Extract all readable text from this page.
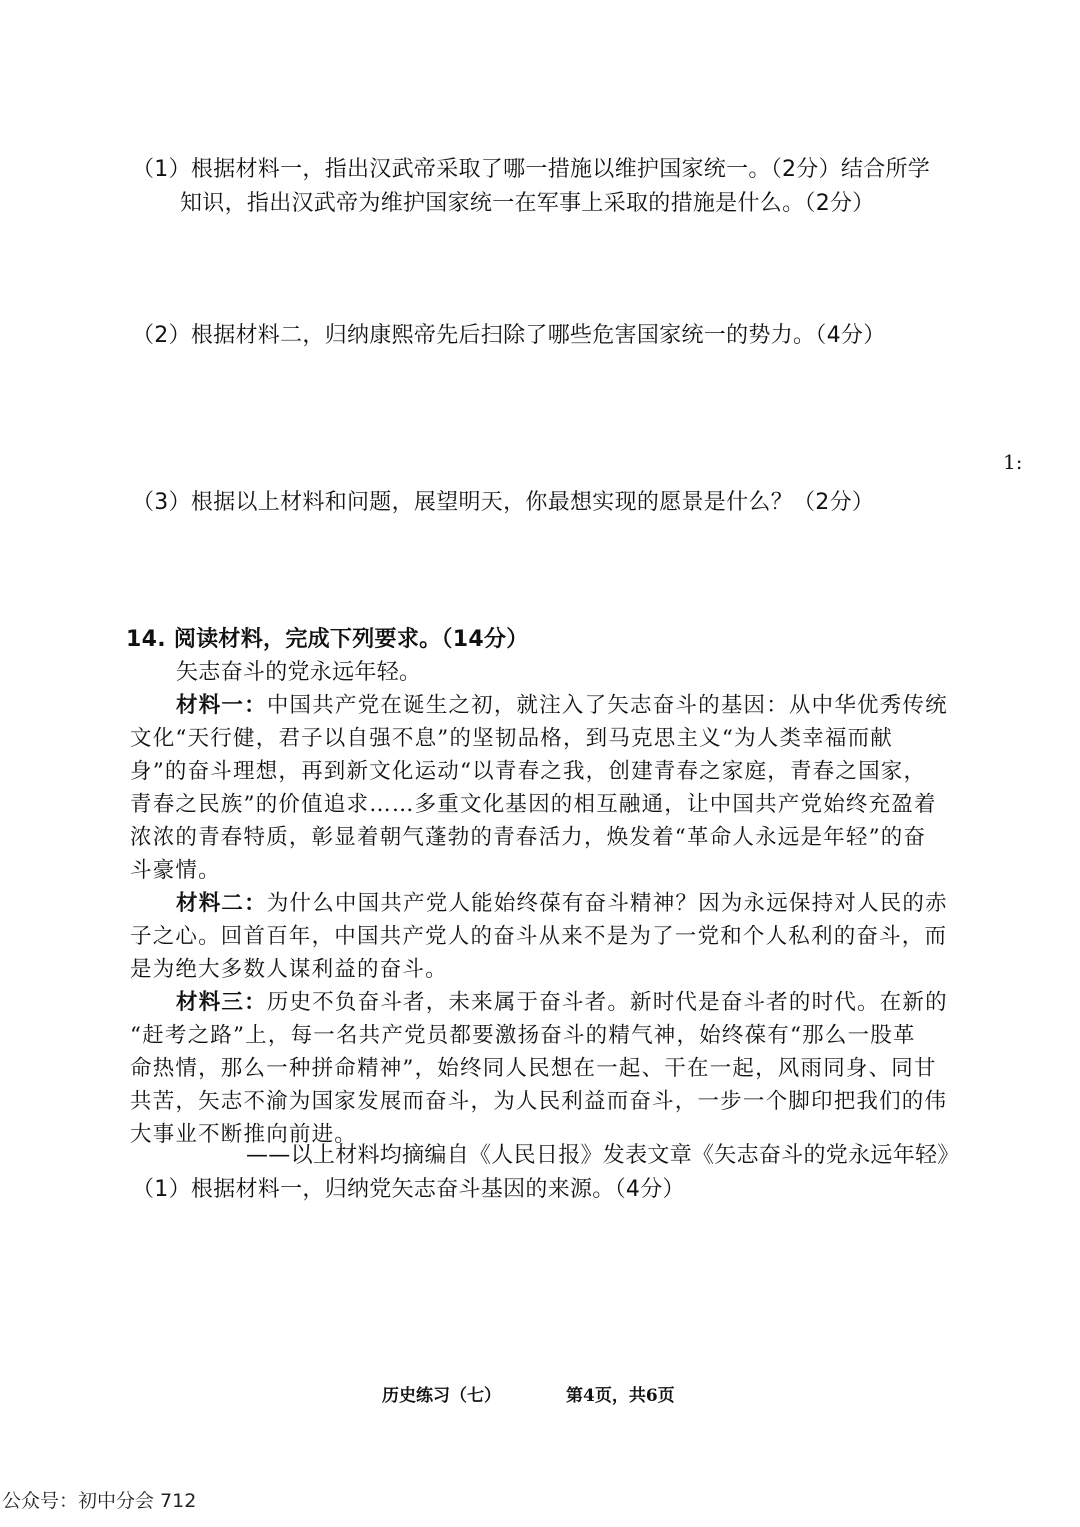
（1）根据材料一，指出汉武帝采取了哪一措施以维护国家统一。（2分）结合所学
知识，指出汉武帝为维护国家统一在军事上采取的措施是什么。（2分）
（2）根据材料二，归纳康熙帝先后扫除了哪些危害国家统一的势力。（4分）
1:
（3）根据以上材料和问题，展望明天，你最想实现的愿景是什么？（2分）
14. 阅读材料，完成下列要求。（14分）
矢志奋斗的党永远年轻。
材料一：中国共产党在诞生之初，就注入了矢志奋斗的基因：从中华优秀传统
文化“天行健，君子以自强不息”的坚韧品格，到马克思主义“为人类幸福而献
身”的奋斗理想，再到新文化运动“以青春之我，创建青春之家庭，青春之国家，
青春之民族”的价值追求……多重文化基因的相互融通，让中国共产党始终充盈着
浓浓的青春特质，彰显着朝气蓬勃的青春活力，焕发着“革命人永远是年轻”的奋
斗豪情。
材料二：为什么中国共产党人能始终葆有奋斗精神？因为永远保持对人民的赤
子之心。回首百年，中国共产党人的奋斗从来不是为了一党和个人私利的奋斗，而
是为绝大多数人谋利益的奋斗。
材料三：历史不负奋斗者，未来属于奋斗者。新时代是奋斗者的时代。在新的
“赶考之路”上，每一名共产党员都要激扬奋斗的精气神，始终葆有“那么一股革
命热情，那么一种拼命精神”，始终同人民想在一起、干在一起，风雨同身、同甘
共苦，矢志不渝为国家发展而奋斗，为人民利益而奋斗，一步一个脚印把我们的伟
大事业不断推向前进。
——以上材料均摘编自《人民日报》发表文章《矢志奋斗的党永远年轻》
（1）根据材料一，归纳党矢志奋斗基因的来源。（4分）
历史练习（七）	第4页，共6页
公众号：初中分会 712
